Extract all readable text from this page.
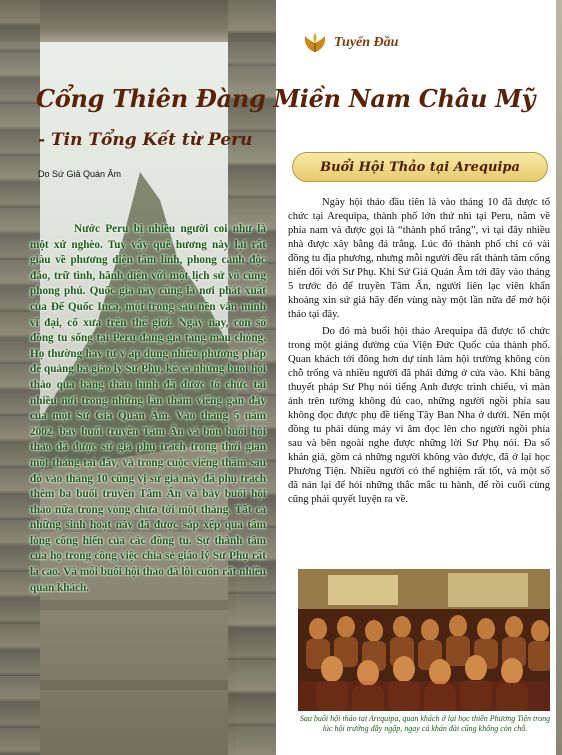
Tuyến Đầu
Cổng Thiên Đàng Miền Nam Châu Mỹ
- Tin Tổng Kết từ Peru
Do Sứ Giả Quán Âm

Nước Peru bị nhiều người coi như là một xứ nghèo. Tuy vậy quê hương này lại rất giàu về phương diện tâm linh, phong cảnh độc đáo, trữ tình, hãnh diện với một lịch sử vô cùng phong phú. Quốc gia này cũng là nơi phát xuất của Đế Quốc Inca, một trong sáu nền văn minh vĩ đại, cổ xưa trên thế giới. Ngày nay, con số đồng tu sống tại Peru đang gia tăng mau chóng. Họ thường hay tự ý áp dụng nhiều phương pháp để quảng bá giáo lý Sư Phụ, kể cả những buổi hội thảo qua băng thâu hình đã được tổ chức tại nhiều nơi trong những lần thăm viếng gần đây của một Sứ Giả Quán Âm. Vào tháng 5 năm 2002, bảy buổi truyền Tâm Ấn và bốn buổi hội thảo đã được sứ giả phụ trách trong thời gian một tháng tại đây, và trong cuộc viếng thăm sau đó vào tháng 10 cũng vị sứ giả này đã phụ trách thêm ba buổi truyền Tâm Ấn và bảy buổi hội thảo nữa trong vòng chưa tới một tháng. Tất cả những sinh hoạt này đã được sắp xếp qua tấm lòng cống hiến của các đồng tu. Sự thành tâm của họ trong công việc chia sẻ giáo lý Sư Phụ rất là cao. Và mỗi buổi hội thảo đã lôi cuốn rất nhiều quan khách.

Buổi Hội Thảo tại Arequipa

Ngày hội thảo đầu tiên là vào tháng 10 đã được tổ chức tại Arequipa, thành phố lớn thứ nhì tại Peru, nằm về phía nam và được gọi là “thành phố trắng”, vì tại đây nhiều nhà được xây bằng đá trắng. Lúc đó thành phố chỉ có vài đồng tu địa phương, nhưng mỗi người đều rất thành tâm cống hiến đối với Sư Phụ. Khi Sứ Giả Quán Âm tới đây vào tháng 5 trước đó để truyền Tâm Ấn, người liên lạc viên khẩn khoảng xin sứ giả hãy đến vùng này một lần nữa để mở hội thảo tại đây.

Do đó mà buổi hội thảo Arequipa đã được tổ chức trong một giảng đường của Viện Đức Quốc của thành phố. Quan khách tới đông hơn dự tính làm hội trường không còn chỗ trống và nhiều người đã phải đứng ở cửa vào. Khi băng thuyết pháp Sư Phụ nói tiếng Anh được trình chiếu, vì màn ảnh trên tường không đủ cao, những người ngồi phía sau không đọc được phụ đề tiếng Tây Ban Nha ở dưới. Nên một đồng tu phải dùng máy vi âm đọc lên cho người ngồi phía sau và bên ngoài nghe được những lời Sư Phụ nói. Đa số khán giả, gồm cả những người không vào được, đã ở lại học Phương Tiện. Nhiều người có thể nghiệm rất tốt, và một số đã nán lại để hỏi những thắc mắc tu hành, để rồi cuối cùng cũng phải quyết luyện ra về.

Sau buổi hội thảo tại Arequipa, quan khách ở lại học thiền Phương Tiện trong lúc hội trường đầy ngập, ngay cả khán đài cũng không còn chỗ.
